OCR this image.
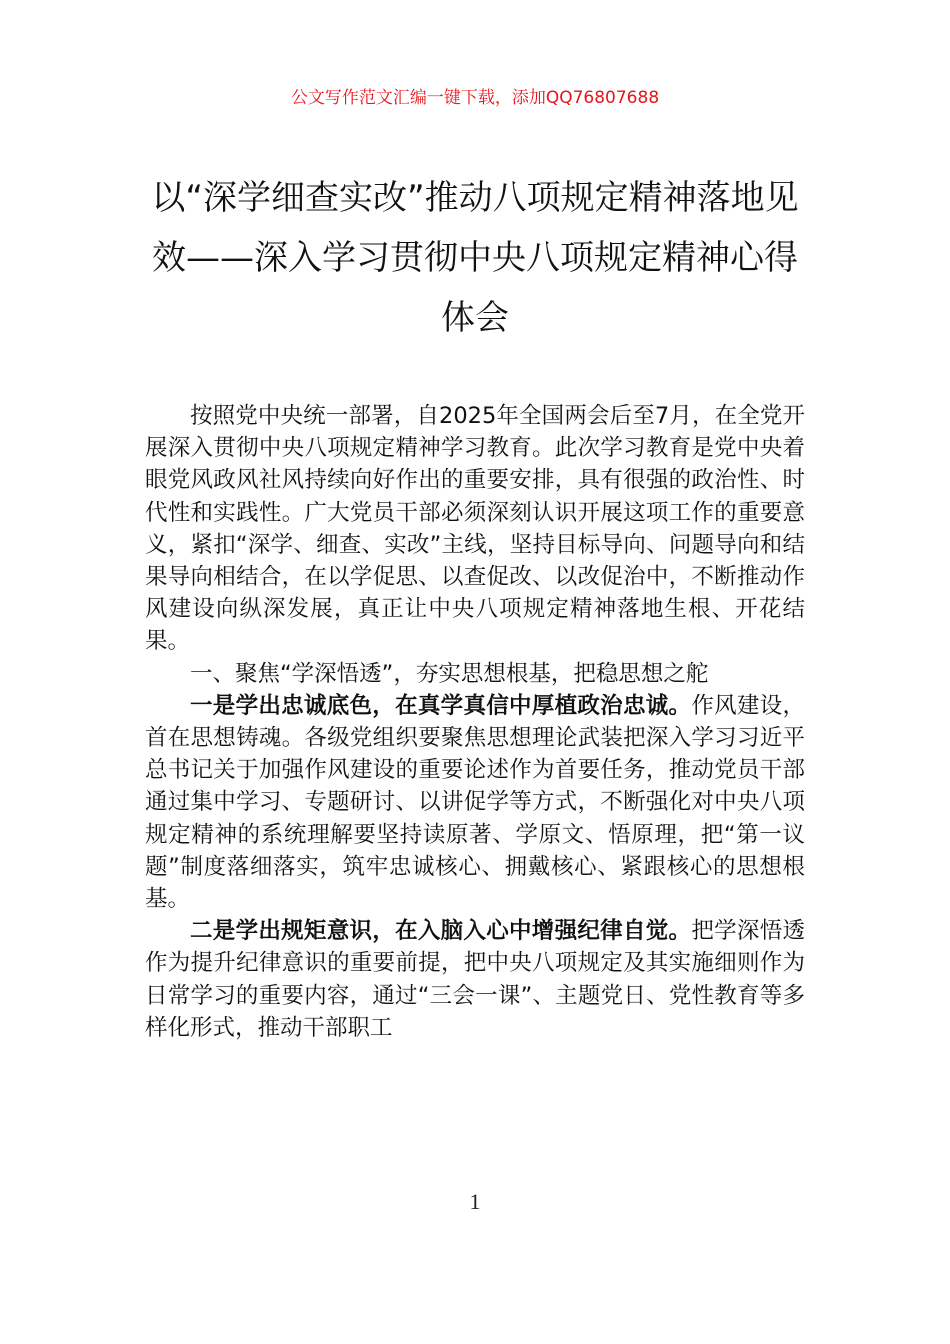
公文写作范文汇编一键下载，添加QQ76807688
以“深学细查实改”推动八项规定精神落地见效——深入学习贯彻中央八项规定精神心得体会

按照党中央统一部署，自2025年全国两会后至7月，在全党开展深入贯彻中央八项规定精神学习教育。此次学习教育是党中央着眼党风政风社风持续向好作出的重要安排，具有很强的政治性、时代性和实践性。广大党员干部必须深刻认识开展这项工作的重要意义，紧扣“深学、细查、实改”主线，坚持目标导向、问题导向和结果导向相结合，在以学促思、以查促改、以改促治中，不断推动作风建设向纵深发展，真正让中央八项规定精神落地生根、开花结果。

一、聚焦“学深悟透”，夯实思想根基，把稳思想之舵

一是学出忠诚底色，在真学真信中厚植政治忠诚。作风建设，首在思想铸魂。各级党组织要聚焦思想理论武装把深入学习习近平总书记关于加强作风建设的重要论述作为首要任务，推动党员干部通过集中学习、专题研讨、以讲促学等方式，不断强化对中央八项规定精神的系统理解要坚持读原著、学原文、悟原理，把“第一议题”制度落细落实，筑牢忠诚核心、拥戴核心、紧跟核心的思想根基。

二是学出规矩意识，在入脑入心中增强纪律自觉。把学深悟透作为提升纪律意识的重要前提，把中央八项规定及其实施细则作为日常学习的重要内容，通过“三会一课”、主题党日、党性教育等多样化形式，推动干部职工

1
